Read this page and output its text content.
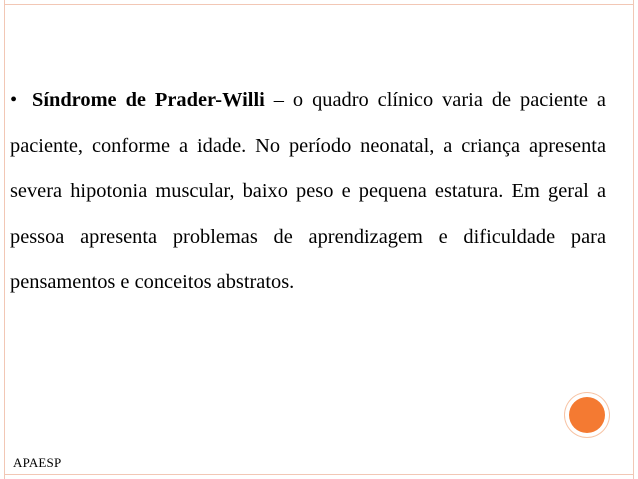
• Síndrome de Prader-Willi – o quadro clínico varia de paciente a paciente, conforme a idade. No período neonatal, a criança apresenta severa hipotonia muscular, baixo peso e pequena estatura. Em geral a pessoa apresenta problemas de aprendizagem e dificuldade para pensamentos e conceitos abstratos.
APAESP
